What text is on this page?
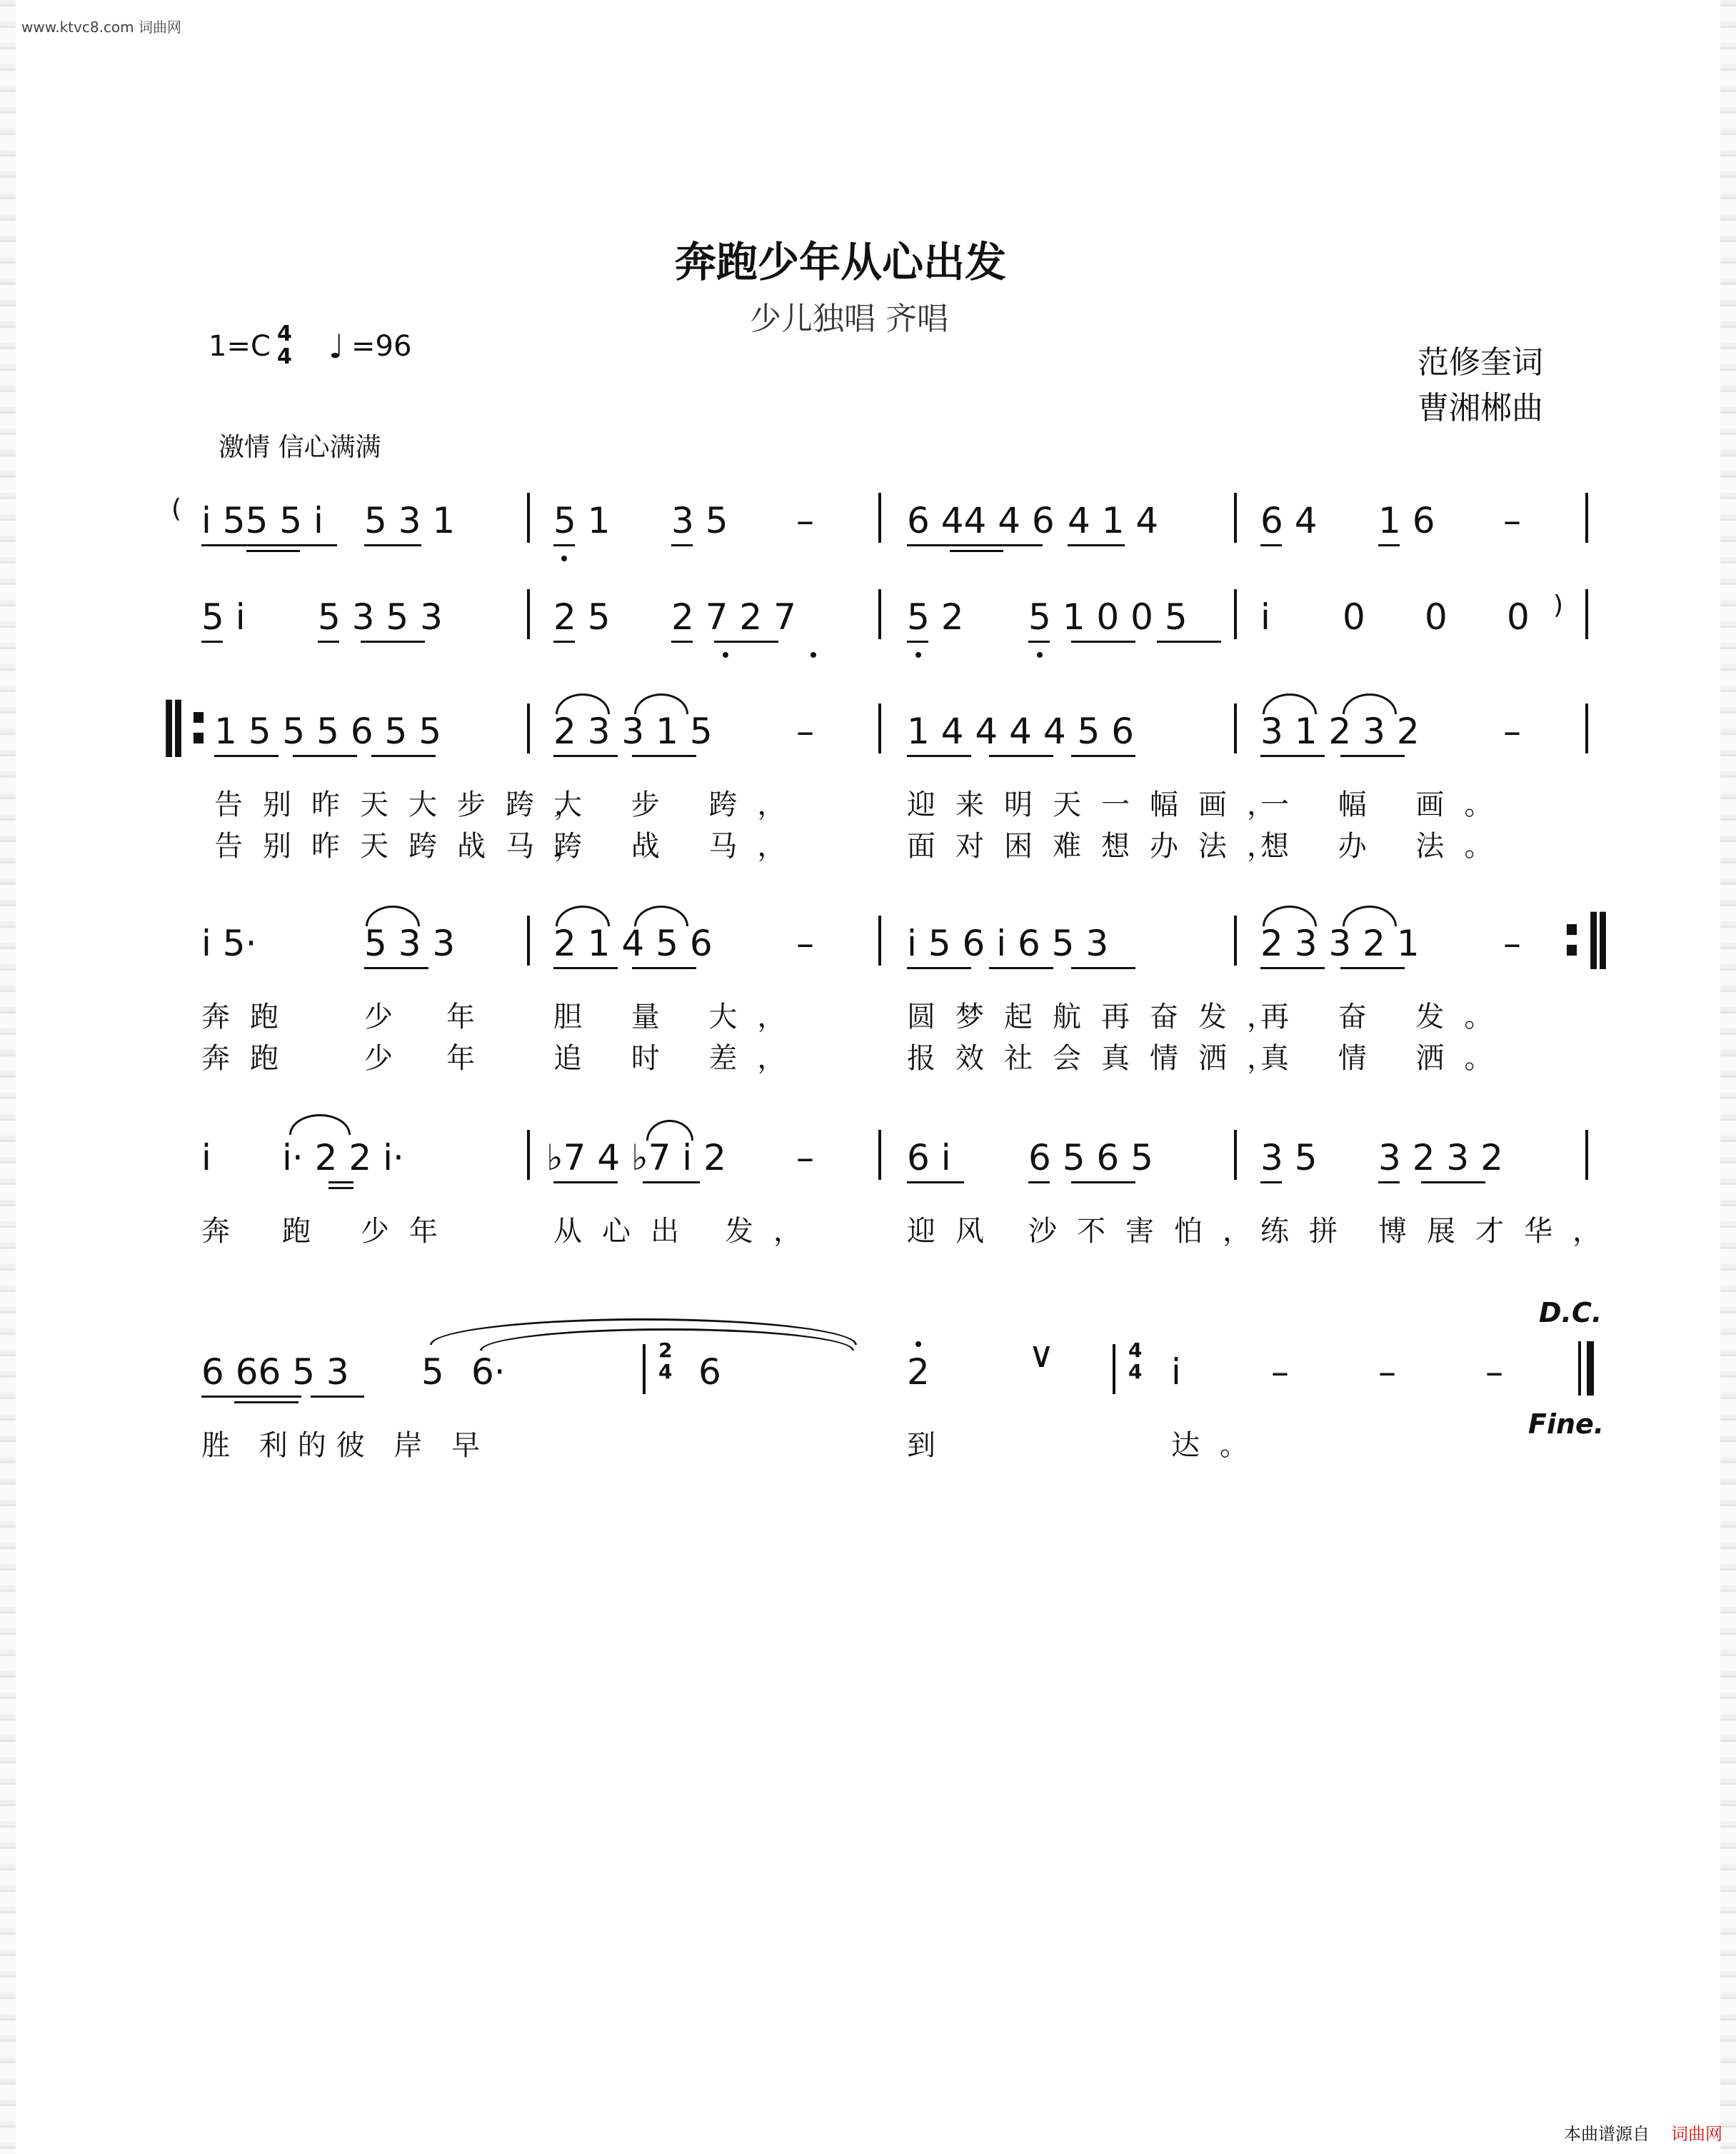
www.ktvc8.com 词曲网
奔跑少年从心出发
少儿独唱 齐唱
1=C 4
4 ♩ =96
激情 信心满满
范修奎词
曹湘郴曲
( i 55 5 i 5 3 1	5 1 3 5 –	6 44 4 6 4 1 4	6 4 1 6 –
5 i 5 3 5 3	2 5 2 7 2 7	5 2 5 1 0 0 5 i 0 0 0 )
‖: 1 5 5 5 6 5 5	2 3 3 1 5 –	1 4 4 4 4 5 6	3 1 2 3 2 –
告别昨天大步跨，
大 步 跨，	迎来明天一幅画，
一 幅 画。
告别昨天跨战马，
跨 战 马，	面对困难想办法，
想 办 法。
i 5·	5 3 3	2 1 4 5 6 –	i 5 6 i 6 5 3	2 3 3 2 1 – :‖
奔跑 少 年 胆 量 大，	圆梦起航再奋发，
再 奋 发。
奔跑 少 年 追 时 差，	报效社会真情洒，
真 情 洒。
i i· 2 2 i·	♭7 4 ♭7 i 2 –	6 i 6 5 6 5	3 5 3 2 3 2
奔 跑 少年	从心出 发，	迎风 沙不害怕，
练拼 博展才华，
6 66 5 3 5 6·
2
4 6	2	∨	4
4 i	–	–	–
D.C.
Fine.
胜 利的彼 岸 早	到	达。
本曲谱源自 词曲网
